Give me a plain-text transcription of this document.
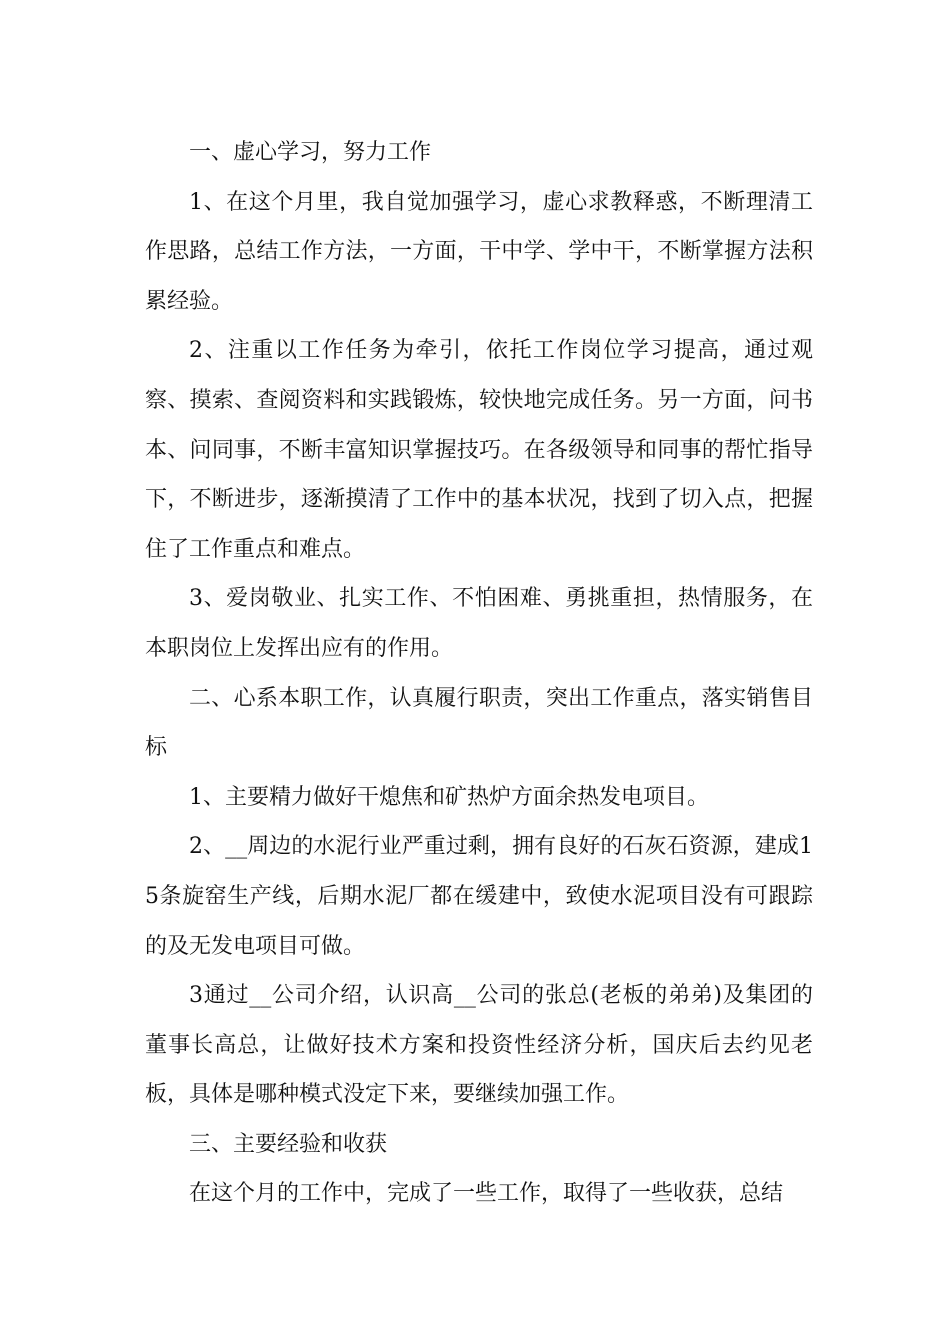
一、虚心学习，努力工作

1、在这个月里，我自觉加强学习，虚心求教释惑，不断理清工作思路，总结工作方法，一方面，干中学、学中干，不断掌握方法积累经验。

2、注重以工作任务为牵引，依托工作岗位学习提高，通过观察、摸索、查阅资料和实践锻炼，较快地完成任务。另一方面，问书本、问同事，不断丰富知识掌握技巧。在各级领导和同事的帮忙指导下，不断进步，逐渐摸清了工作中的基本状况，找到了切入点，把握住了工作重点和难点。

3、爱岗敬业、扎实工作、不怕困难、勇挑重担，热情服务，在本职岗位上发挥出应有的作用。

二、心系本职工作，认真履行职责，突出工作重点，落实销售目标

1、主要精力做好干熄焦和矿热炉方面余热发电项目。

2、__周边的水泥行业严重过剩，拥有良好的石灰石资源，建成15条旋窑生产线，后期水泥厂都在缓建中，致使水泥项目没有可跟踪的及无发电项目可做。

3通过__公司介绍，认识高__公司的张总(老板的弟弟)及集团的董事长高总，让做好技术方案和投资性经济分析，国庆后去约见老板，具体是哪种模式没定下来，要继续加强工作。

三、主要经验和收获

在这个月的工作中，完成了一些工作，取得了一些收获，总结
